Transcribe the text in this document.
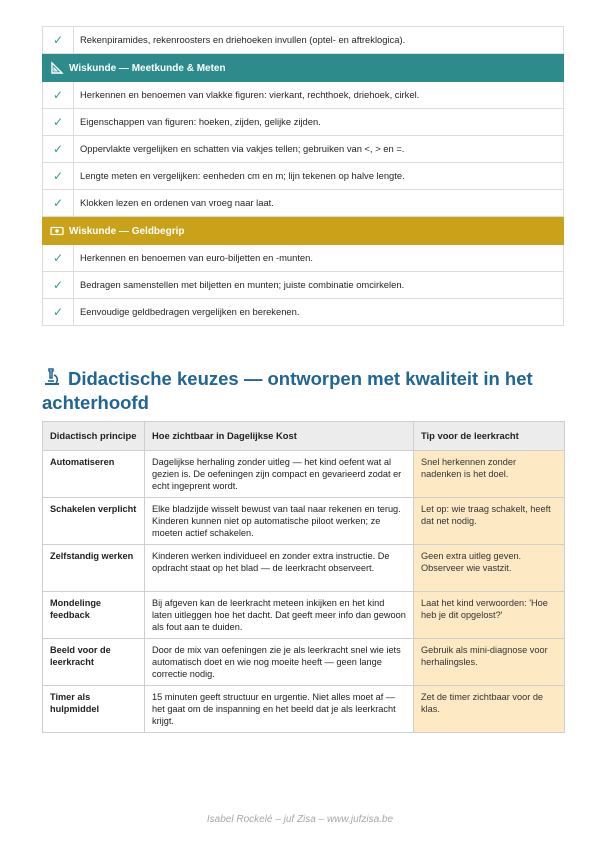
✓	Rekenpiramides, rekenroosters en driehoeken invullen (optel- en aftreklogica).
Wiskunde — Meetkunde & Meten
✓	Herkennen en benoemen van vlakke figuren: vierkant, rechthoek, driehoek, cirkel.
✓	Eigenschappen van figuren: hoeken, zijden, gelijke zijden.
✓	Oppervlakte vergelijken en schatten via vakjes tellen; gebruiken van <, > en =.
✓	Lengte meten en vergelijken: eenheden cm en m; lijn tekenen op halve lengte.
✓	Klokken lezen en ordenen van vroeg naar laat.
Wiskunde — Geldbegrip
✓	Herkennen en benoemen van euro-biljetten en -munten.
✓	Bedragen samenstellen met biljetten en munten; juiste combinatie omcirkelen.
✓	Eenvoudige geldbedragen vergelijken en berekenen.
Didactische keuzes — ontworpen met kwaliteit in het achterhoofd
Didactisch principe	Hoe zichtbaar in Dagelijkse Kost	Tip voor de leerkracht
Automatiseren	Dagelijkse herhaling zonder uitleg — het kind oefent wat al gezien is. De oefeningen zijn compact en gevarieerd zodat er echt ingeprent wordt.	Snel herkennen zonder nadenken is het doel.
Schakelen verplicht	Elke bladzijde wisselt bewust van taal naar rekenen en terug. Kinderen kunnen niet op automatische piloot werken; ze moeten actief schakelen.	Let op: wie traag schakelt, heeft dat net nodig.
Zelfstandig werken	Kinderen werken individueel en zonder extra instructie. De opdracht staat op het blad — de leerkracht observeert.	Geen extra uitleg geven. Observeer wie vastzit.
Mondelinge feedback	Bij afgeven kan de leerkracht meteen inkijken en het kind laten uitleggen hoe het dacht. Dat geeft meer info dan gewoon als fout aan te duiden.	Laat het kind verwoorden: 'Hoe heb je dit opgelost?'
Beeld voor de leerkracht	Door de mix van oefeningen zie je als leerkracht snel wie iets automatisch doet en wie nog moeite heeft — geen lange correctie nodig.	Gebruik als mini-diagnose voor herhalingsles.
Timer als hulpmiddel	15 minuten geeft structuur en urgentie. Niet alles moet af — het gaat om de inspanning en het beeld dat je als leerkracht krijgt.	Zet de timer zichtbaar voor de klas.
Isabel Rockelé – juf Zisa – www.jufzisa.be
